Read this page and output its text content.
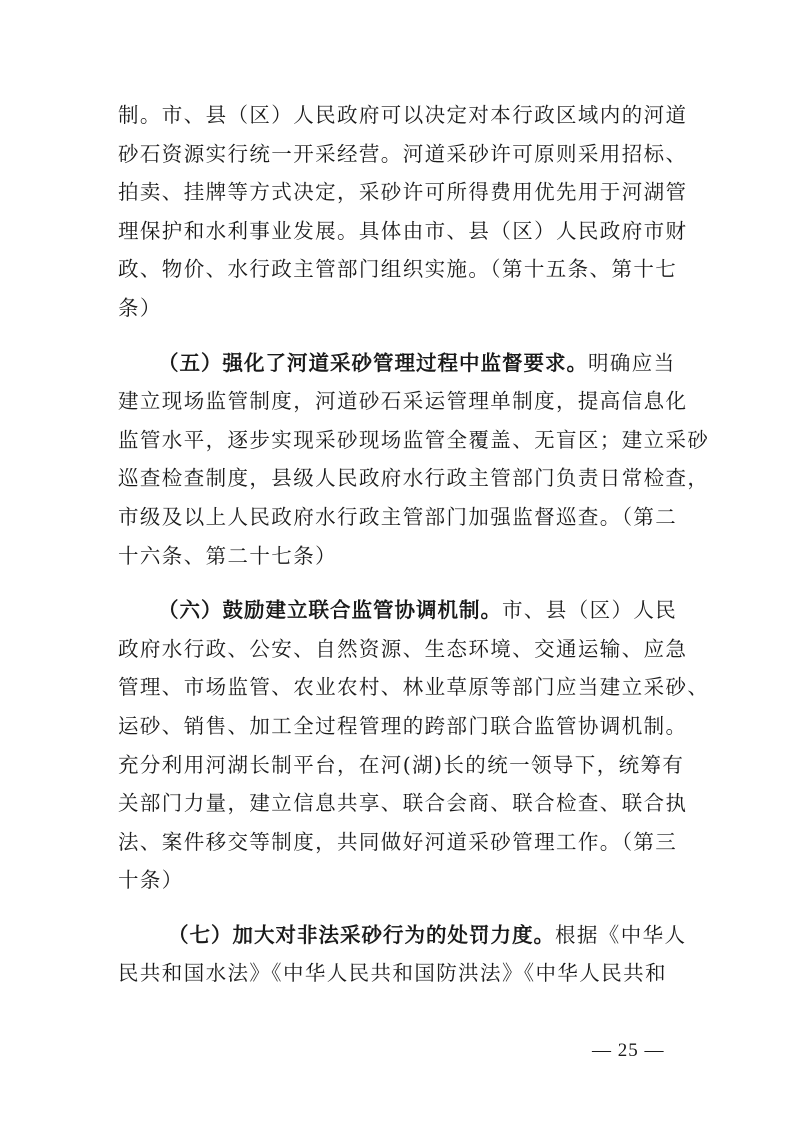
制。市、县（区）人民政府可以决定对本行政区域内的河道
砂石资源实行统一开采经营。河道采砂许可原则采用招标、
拍卖、挂牌等方式决定，采砂许可所得费用优先用于河湖管
理保护和水利事业发展。具体由市、县（区）人民政府市财
政、物价、水行政主管部门组织实施。（第十五条、第十七
条）
（五）强化了河道采砂管理过程中监督要求。明确应当
建立现场监管制度，河道砂石采运管理单制度，提高信息化
监管水平，逐步实现采砂现场监管全覆盖、无盲区；建立采砂
巡查检查制度，县级人民政府水行政主管部门负责日常检查，
市级及以上人民政府水行政主管部门加强监督巡查。（第二
十六条、第二十七条）
（六）鼓励建立联合监管协调机制。市、县（区）人民
政府水行政、公安、自然资源、生态环境、交通运输、应急
管理、市场监管、农业农村、林业草原等部门应当建立采砂、
运砂、销售、加工全过程管理的跨部门联合监管协调机制。
充分利用河湖长制平台，在河(湖)长的统一领导下，统筹有
关部门力量，建立信息共享、联合会商、联合检查、联合执
法、案件移交等制度，共同做好河道采砂管理工作。（第三
十条）
（七）加大对非法采砂行为的处罚力度。根据《中华人
民共和国水法》《中华人民共和国防洪法》《中华人民共和
— 25 —
